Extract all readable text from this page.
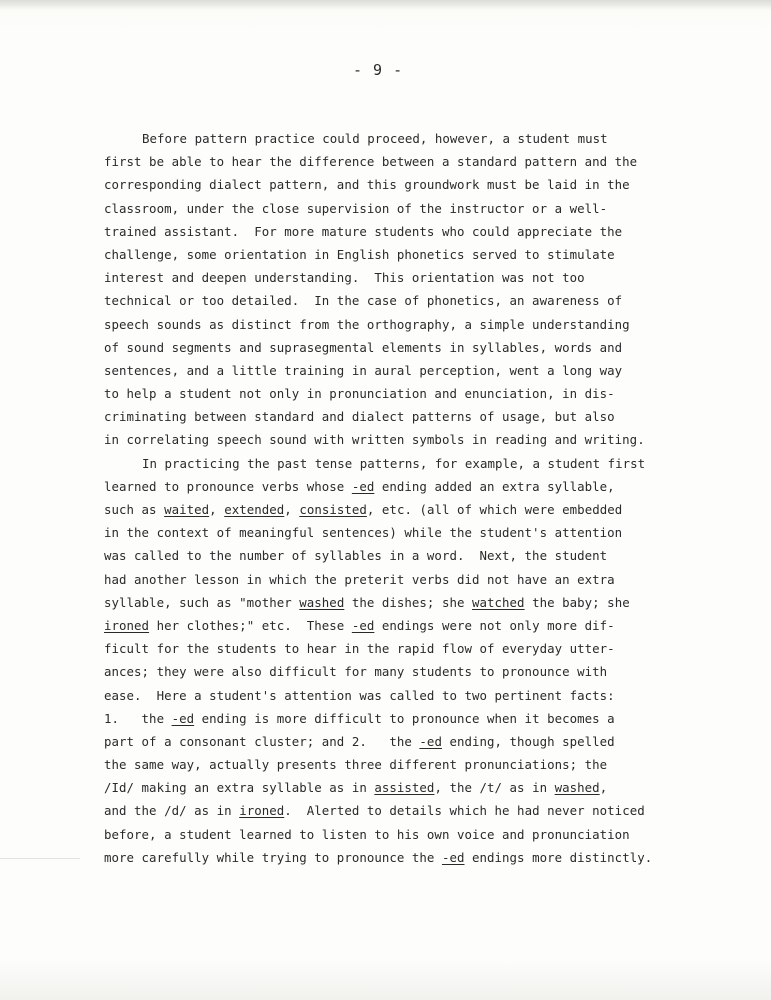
- 9 -
Before pattern practice could proceed, however, a student must
first be able to hear the difference between a standard pattern and the
corresponding dialect pattern, and this groundwork must be laid in the
classroom, under the close supervision of the instructor or a well-
trained assistant.  For more mature students who could appreciate the
challenge, some orientation in English phonetics served to stimulate
interest and deepen understanding.  This orientation was not too
technical or too detailed.  In the case of phonetics, an awareness of
speech sounds as distinct from the orthography, a simple understanding
of sound segments and suprasegmental elements in syllables, words and
sentences, and a little training in aural perception, went a long way
to help a student not only in pronunciation and enunciation, in dis-
criminating between standard and dialect patterns of usage, but also
in correlating speech sound with written symbols in reading and writing.
In practicing the past tense patterns, for example, a student first
learned to pronounce verbs whose -ed ending added an extra syllable,
such as waited, extended, consisted, etc. (all of which were embedded
in the context of meaningful sentences) while the student's attention
was called to the number of syllables in a word.  Next, the student
had another lesson in which the preterit verbs did not have an extra
syllable, such as "mother washed the dishes; she watched the baby; she
ironed her clothes;" etc.  These -ed endings were not only more dif-
ficult for the students to hear in the rapid flow of everyday utter-
ances; they were also difficult for many students to pronounce with
ease.  Here a student's attention was called to two pertinent facts:
1.   the -ed ending is more difficult to pronounce when it becomes a
part of a consonant cluster; and 2.   the -ed ending, though spelled
the same way, actually presents three different pronunciations; the
/Id/ making an extra syllable as in assisted, the /t/ as in washed,
and the /d/ as in ironed.  Alerted to details which he had never noticed
before, a student learned to listen to his own voice and pronunciation
more carefully while trying to pronounce the -ed endings more distinctly.
